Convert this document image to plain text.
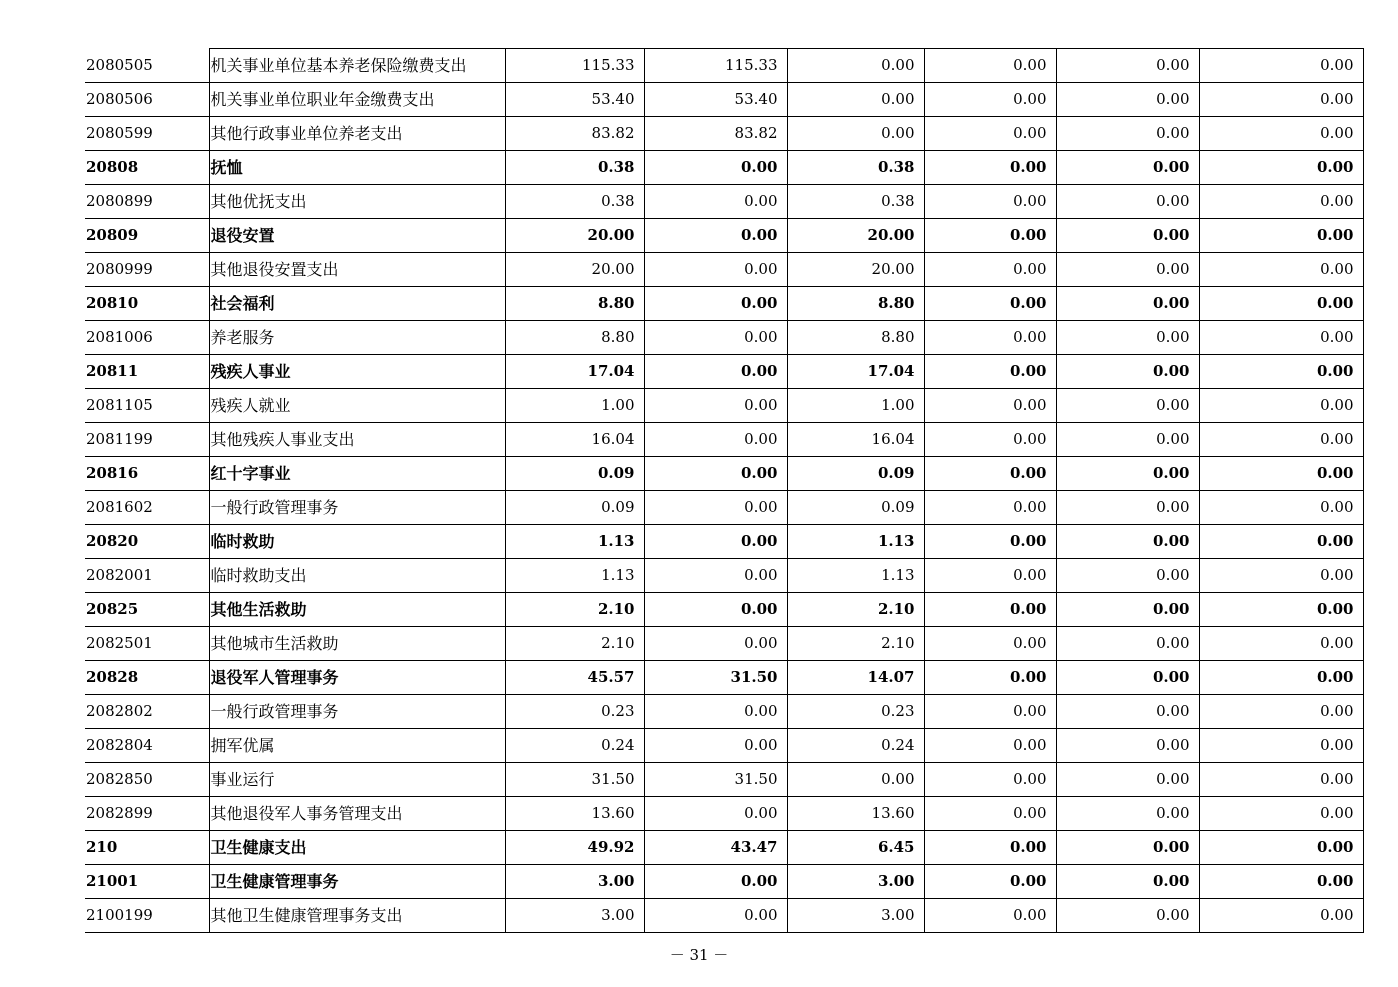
2080505	机关事业单位基本养老保险缴费支出	115.33	115.33	0.00	0.00	0.00	0.00
2080506	机关事业单位职业年金缴费支出	53.40	53.40	0.00	0.00	0.00	0.00
2080599	其他行政事业单位养老支出	83.82	83.82	0.00	0.00	0.00	0.00
20808	抚恤	0.38	0.00	0.38	0.00	0.00	0.00
2080899	其他优抚支出	0.38	0.00	0.38	0.00	0.00	0.00
20809	退役安置	20.00	0.00	20.00	0.00	0.00	0.00
2080999	其他退役安置支出	20.00	0.00	20.00	0.00	0.00	0.00
20810	社会福利	8.80	0.00	8.80	0.00	0.00	0.00
2081006	养老服务	8.80	0.00	8.80	0.00	0.00	0.00
20811	残疾人事业	17.04	0.00	17.04	0.00	0.00	0.00
2081105	残疾人就业	1.00	0.00	1.00	0.00	0.00	0.00
2081199	其他残疾人事业支出	16.04	0.00	16.04	0.00	0.00	0.00
20816	红十字事业	0.09	0.00	0.09	0.00	0.00	0.00
2081602	一般行政管理事务	0.09	0.00	0.09	0.00	0.00	0.00
20820	临时救助	1.13	0.00	1.13	0.00	0.00	0.00
2082001	临时救助支出	1.13	0.00	1.13	0.00	0.00	0.00
20825	其他生活救助	2.10	0.00	2.10	0.00	0.00	0.00
2082501	其他城市生活救助	2.10	0.00	2.10	0.00	0.00	0.00
20828	退役军人管理事务	45.57	31.50	14.07	0.00	0.00	0.00
2082802	一般行政管理事务	0.23	0.00	0.23	0.00	0.00	0.00
2082804	拥军优属	0.24	0.00	0.24	0.00	0.00	0.00
2082850	事业运行	31.50	31.50	0.00	0.00	0.00	0.00
2082899	其他退役军人事务管理支出	13.60	0.00	13.60	0.00	0.00	0.00
210	卫生健康支出	49.92	43.47	6.45	0.00	0.00	0.00
21001	卫生健康管理事务	3.00	0.00	3.00	0.00	0.00	0.00
2100199	其他卫生健康管理事务支出	3.00	0.00	3.00	0.00	0.00	0.00
－ 31 －
